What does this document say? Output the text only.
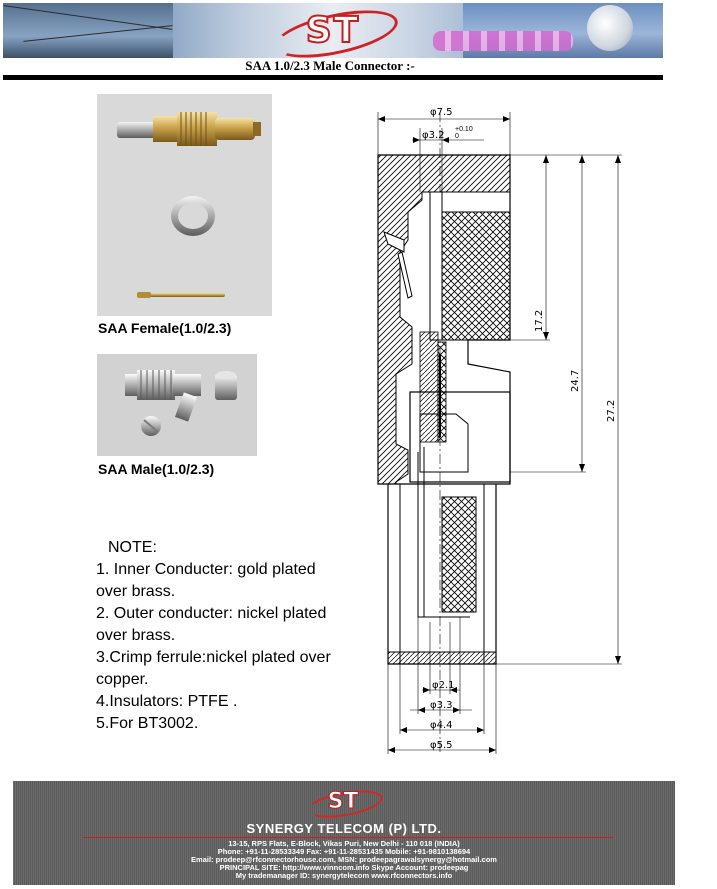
ST
SAA 1.0/2.3 Male Connector :-
SAA Female(1.0/2.3)
SAA Male(1.0/2.3)
NOTE:
1. Inner Conducter: gold plated
over brass.
2. Outer conducter: nickel plated
over brass.
3.Crimp ferrule:nickel plated over
copper.
4.Insulators: PTFE .
5.For BT3002.
φ7.5
φ3.2
+0.10
0
17.2
24.7
27.2
φ2.1
φ3.3
φ4.4
φ5.5
ST
SYNERGY TELECOM (P) LTD.
13-15, RPS Flats, E-Block, Vikas Puri, New Delhi - 110 018 (INDIA)
Phone: +91-11-28533349 Fax: +91-11-28531435 Mobile: +91-9810138694
Email: prodeep@rfconnectorhouse.com, MSN: prodeepagrawalsynergy@hotmail.com
PRINCIPAL SITE: http://www.vinncom.info Skype Account: prodeepag
My trademanager ID: synergytelecom www.rfconnectors.info
